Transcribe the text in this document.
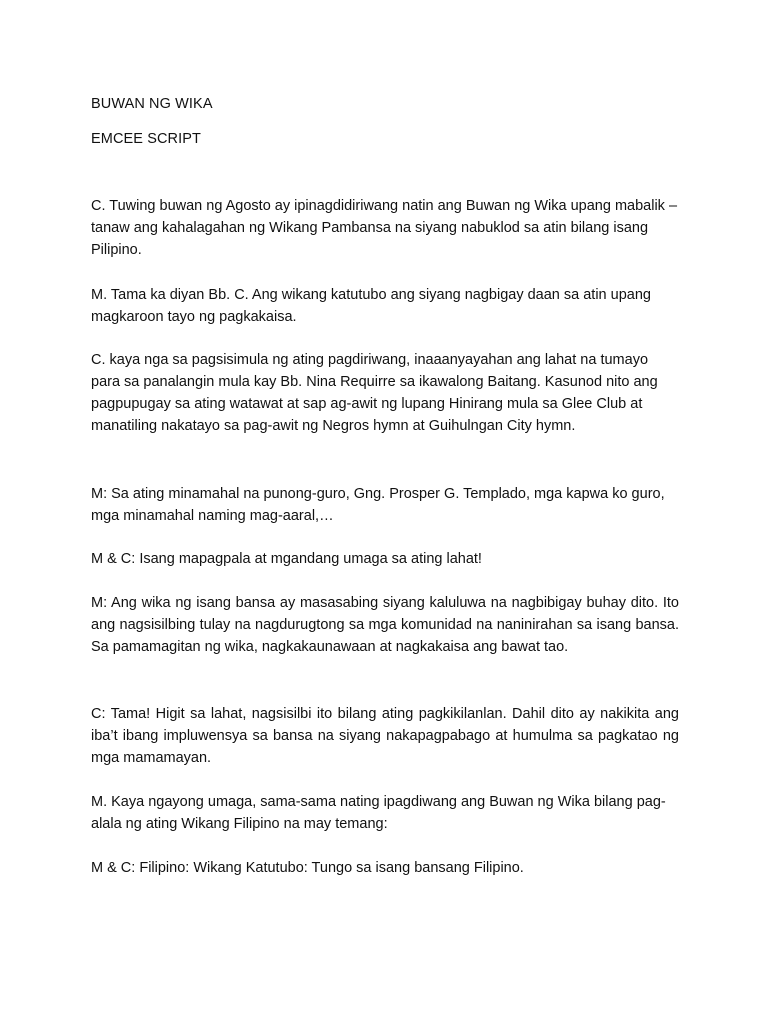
BUWAN NG WIKA
EMCEE SCRIPT

C. Tuwing buwan ng Agosto ay ipinagdidiriwang natin ang Buwan ng Wika upang mabalik – tanaw ang kahalagahan ng Wikang Pambansa na siyang nabuklod sa atin bilang isang Pilipino.

M. Tama ka diyan Bb. C. Ang wikang katutubo ang siyang nagbigay daan sa atin upang magkaroon tayo ng pagkakaisa.

C. kaya nga sa pagsisimula ng ating pagdiriwang, inaaanyayahan ang lahat na tumayo para sa panalangin mula kay Bb. Nina Requirre sa ikawalong Baitang. Kasunod nito ang pagpupugay sa ating watawat at sap ag-awit ng lupang Hinirang mula sa Glee Club at manatiling nakatayo sa pag-awit ng Negros hymn at Guihulngan City hymn.

M: Sa ating minamahal na punong-guro, Gng. Prosper G. Templado, mga kapwa ko guro, mga minamahal naming mag-aaral,…

M & C: Isang mapagpala at mgandang umaga sa ating lahat!

M: Ang wika ng isang bansa ay masasabing siyang kaluluwa na nagbibigay buhay dito. Ito ang nagsisilbing tulay na nagdurugtong sa mga komunidad na naninirahan sa isang bansa. Sa pamamagitan ng wika, nagkakaunawaan at nagkakaisa ang bawat tao.

C: Tama! Higit sa lahat, nagsisilbi ito bilang ating pagkikilanlan. Dahil dito ay nakikita ang iba’t ibang impluwensya sa bansa na siyang nakapagpabago at humulma sa pagkatao ng mga mamamayan.

M. Kaya ngayong umaga, sama-sama nating ipagdiwang ang Buwan ng Wika bilang pag-alala ng ating Wikang Filipino na may temang:

M & C: Filipino: Wikang Katutubo: Tungo sa isang bansang Filipino.
